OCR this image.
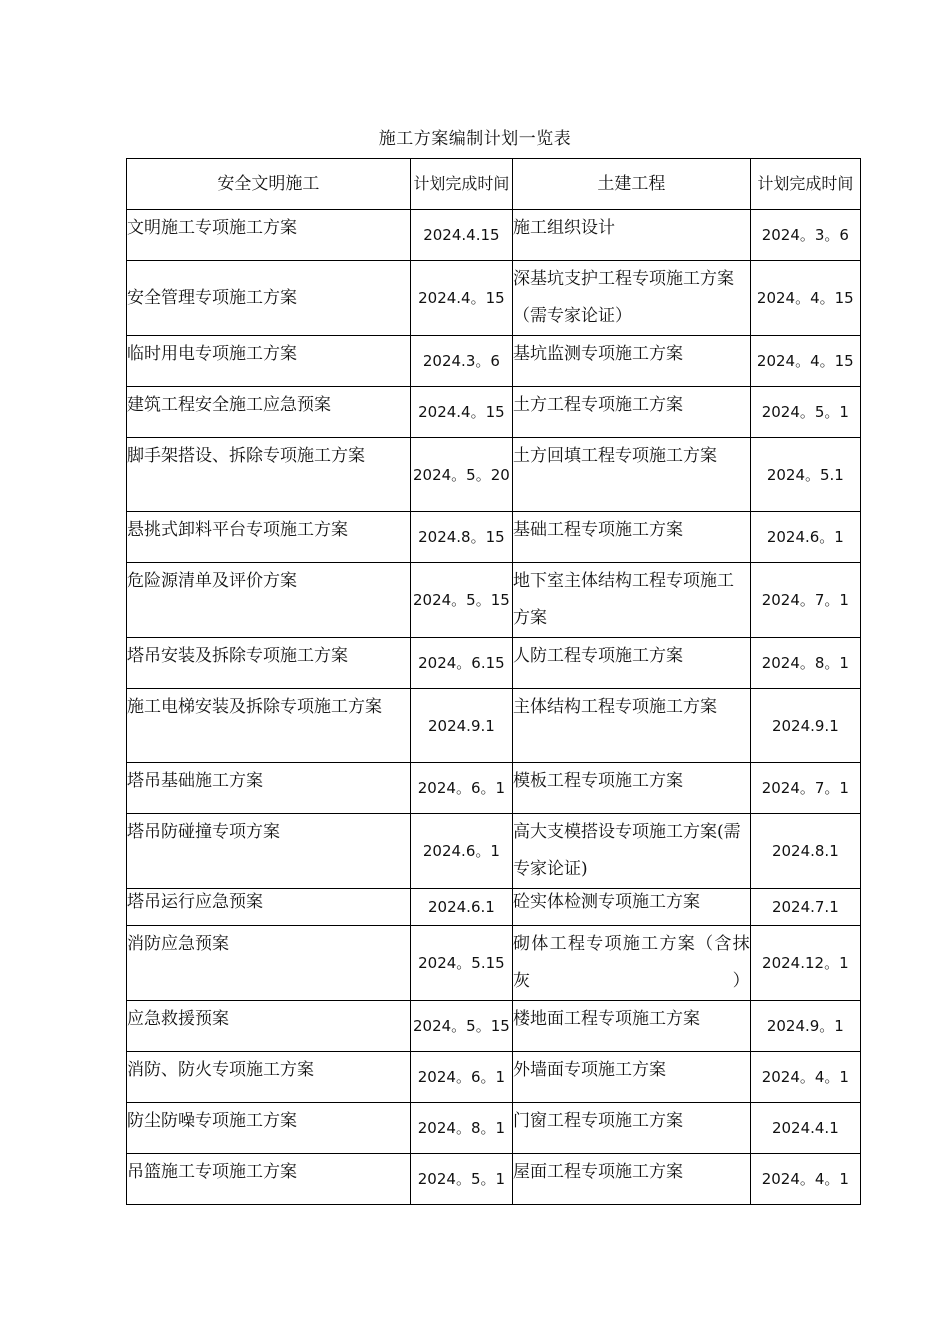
施工方案编制计划一览表
安全文明施工	计划完成时间	土建工程	计划完成时间
文明施工专项施工方案	2024.4.15	施工组织设计	2024。3。6
安全管理专项施工方案	2024.4。15	深基坑支护工程专项施工方案（需专家论证）	2024。4。15
临时用电专项施工方案	2024.3。6	基坑监测专项施工方案	2024。4。15
建筑工程安全施工应急预案	2024.4。15	土方工程专项施工方案	2024。5。1
脚手架搭设、拆除专项施工方案	2024。5。20	土方回填工程专项施工方案	2024。5.1
悬挑式卸料平台专项施工方案	2024.8。15	基础工程专项施工方案	2024.6。1
危险源清单及评价方案	2024。5。15	地下室主体结构工程专项施工方案	2024。7。1
塔吊安装及拆除专项施工方案	2024。6.15	人防工程专项施工方案	2024。8。1
施工电梯安装及拆除专项施工方案	2024.9.1	主体结构工程专项施工方案	2024.9.1
塔吊基础施工方案	2024。6。1	模板工程专项施工方案	2024。7。1
塔吊防碰撞专项方案	2024.6。1	高大支模搭设专项施工方案(需专家论证)	2024.8.1
塔吊运行应急预案	2024.6.1	砼实体检测专项施工方案	2024.7.1
消防应急预案	2024。5.15	砌体工程专项施工方案（含抹灰）	2024.12。1
应急救援预案	2024。5。15	楼地面工程专项施工方案	2024.9。1
消防、防火专项施工方案	2024。6。1	外墙面专项施工方案	2024。4。1
防尘防噪专项施工方案	2024。8。1	门窗工程专项施工方案	2024.4.1
吊篮施工专项施工方案	2024。5。1	屋面工程专项施工方案	2024。4。1
